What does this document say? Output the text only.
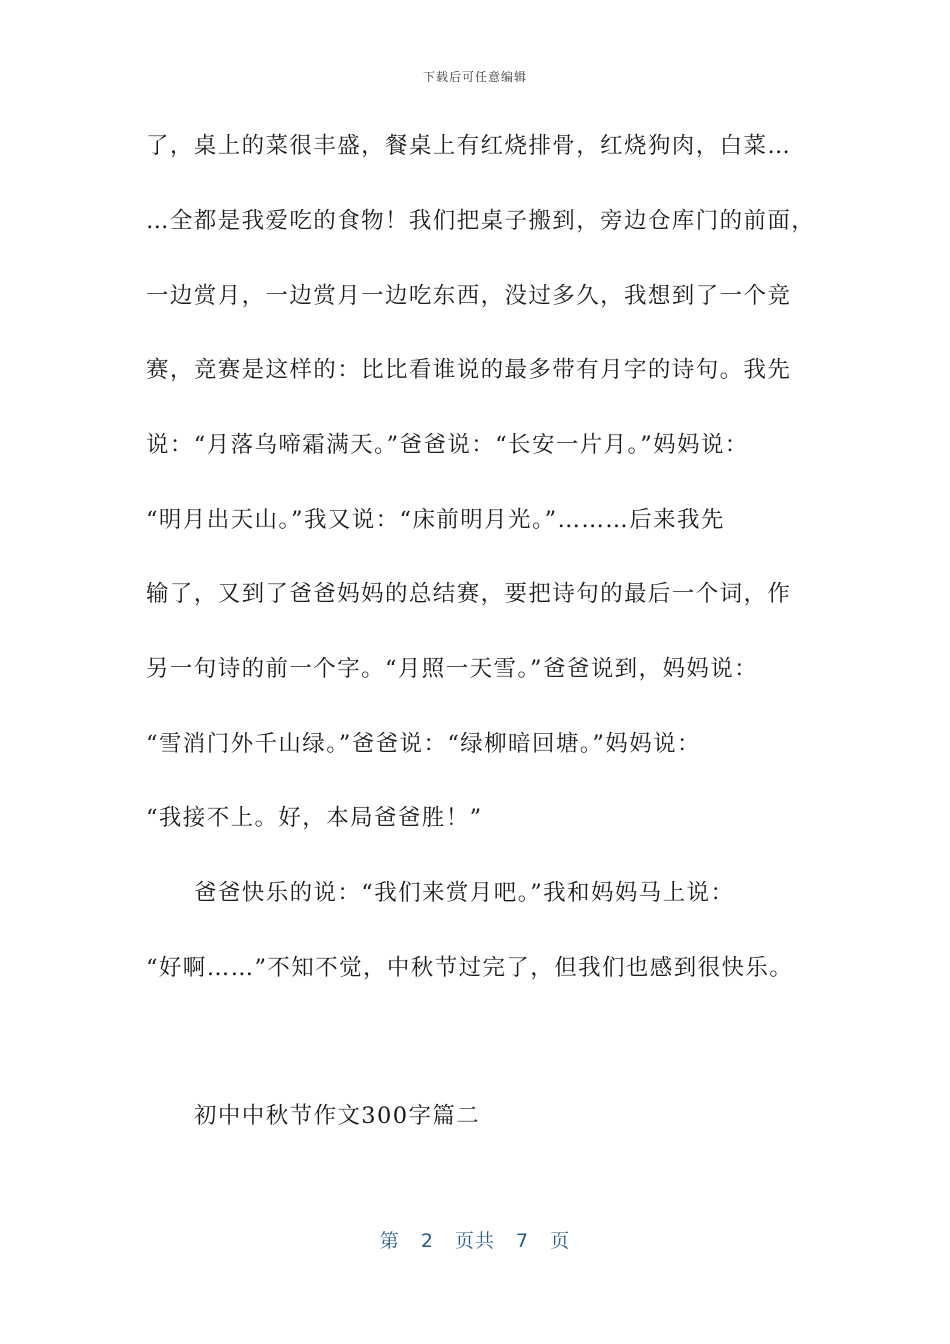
下载后可任意编辑
了，桌上的菜很丰盛，餐桌上有红烧排骨，红烧狗肉，白菜…
…全都是我爱吃的食物！我们把桌子搬到，旁边仓库门的前面，
一边赏月，一边赏月一边吃东西，没过多久，我想到了一个竞
赛，竞赛是这样的：比比看谁说的最多带有月字的诗句。我先
说：“月落乌啼霜满天。”爸爸说：“长安一片月。”妈妈说：
“明月出天山。”我又说：“床前明月光。”………后来我先
输了，又到了爸爸妈妈的总结赛，要把诗句的最后一个词，作
另一句诗的前一个字。“月照一天雪。”爸爸说到，妈妈说：
“雪消门外千山绿。”爸爸说：“绿柳暗回塘。”妈妈说：
“我接不上。好，本局爸爸胜！”
爸爸快乐的说：“我们来赏月吧。”我和妈妈马上说：
“好啊……”不知不觉，中秋节过完了，但我们也感到很快乐。
初中中秋节作文300字篇二
第 2 页共 7 页
